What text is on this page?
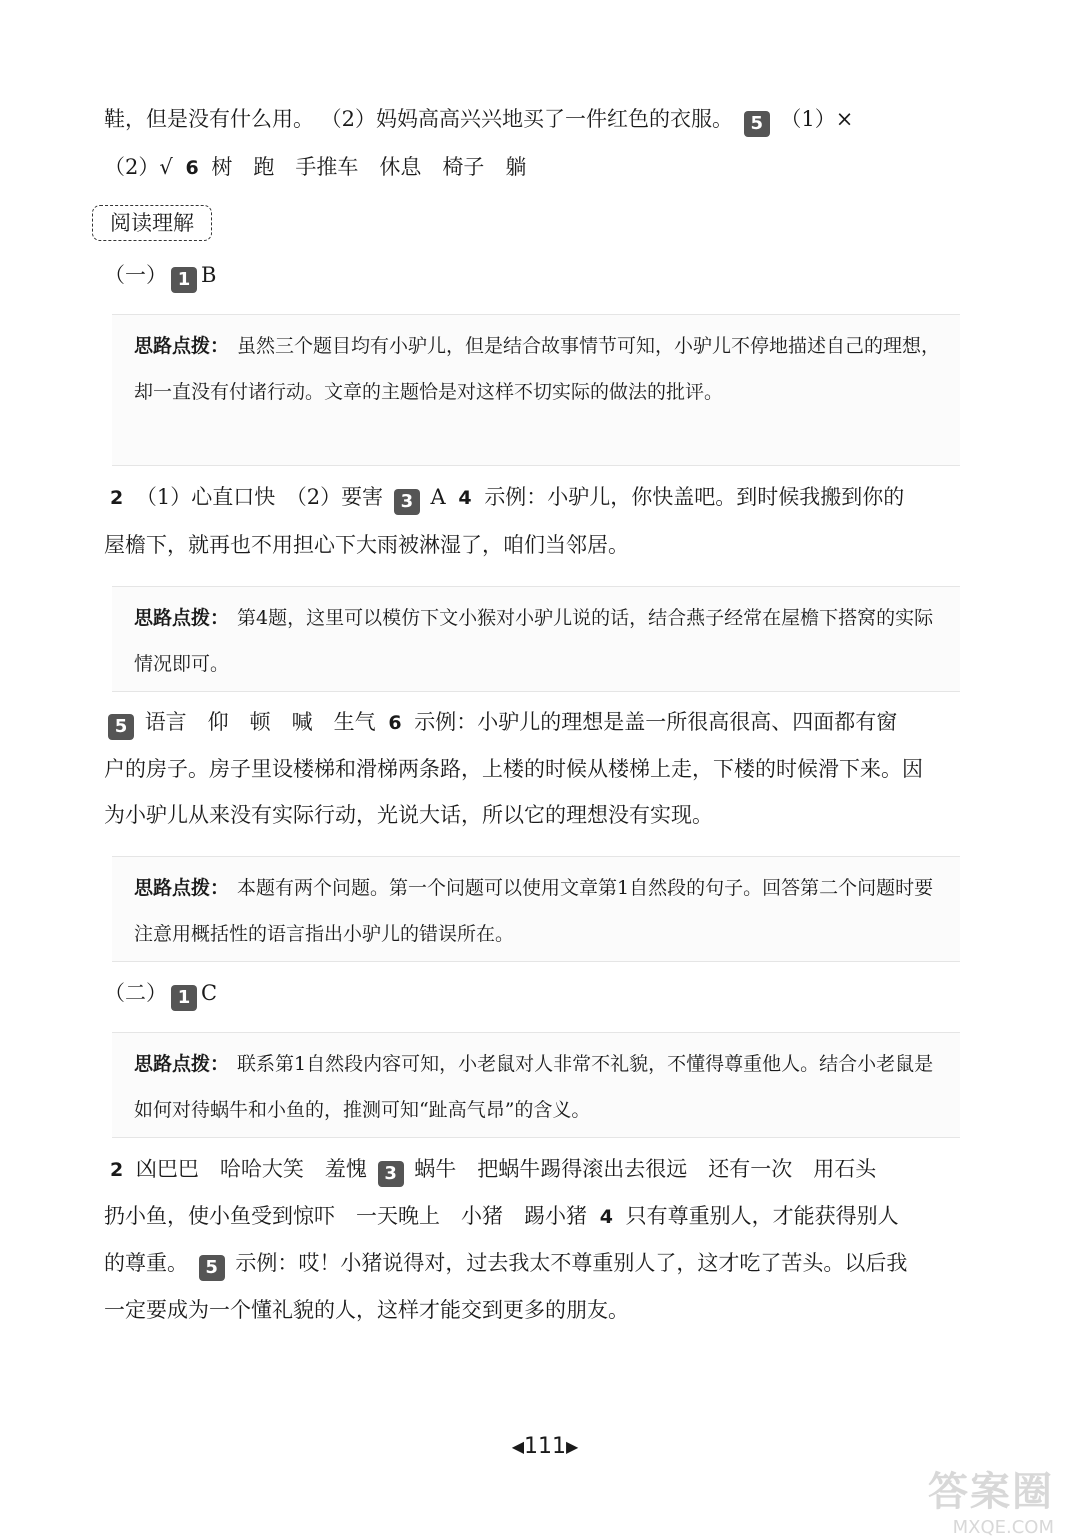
鞋，但是没有什么用。 （2）妈妈高高兴兴地买了一件红色的衣服。 5 （1）×
（2）√ 6 树　跑　手推车　休息　椅子　躺
阅读理解
（一） 1 B
思路点拨： 虽然三个题目均有小驴儿，但是结合故事情节可知，小驴儿不停地描述自己的理想，却一直没有付诸行动。文章的主题恰是对这样不切实际的做法的批评。
2 （1）心直口快　（2）要害 3 A 4 示例：小驴儿，你快盖吧。到时候我搬到你的
屋檐下，就再也不用担心下大雨被淋湿了，咱们当邻居。
思路点拨： 第4题，这里可以模仿下文小猴对小驴儿说的话，结合燕子经常在屋檐下搭窝的实际情况即可。
5 语言　仰　顿　喊　生气 6 示例：小驴儿的理想是盖一所很高很高、四面都有窗
户的房子。房子里设楼梯和滑梯两条路，上楼的时候从楼梯上走，下楼的时候滑下来。因
为小驴儿从来没有实际行动，光说大话，所以它的理想没有实现。
思路点拨： 本题有两个问题。第一个问题可以使用文章第1自然段的句子。回答第二个问题时要注意用概括性的语言指出小驴儿的错误所在。
（二） 1 C
思路点拨： 联系第1自然段内容可知，小老鼠对人非常不礼貌，不懂得尊重他人。结合小老鼠是如何对待蜗牛和小鱼的，推测可知“趾高气昂”的含义。
2 凶巴巴　哈哈大笑　羞愧 3 蜗牛　把蜗牛踢得滚出去很远　还有一次　用石头
扔小鱼，使小鱼受到惊吓　一天晚上　小猪　踢小猪 4 只有尊重别人，才能获得别人
的尊重。 5 示例：哎！小猪说得对，过去我太不尊重别人了，这才吃了苦头。以后我
一定要成为一个懂礼貌的人，这样才能交到更多的朋友。
◀111▶
答案圈
MXQE.COM
